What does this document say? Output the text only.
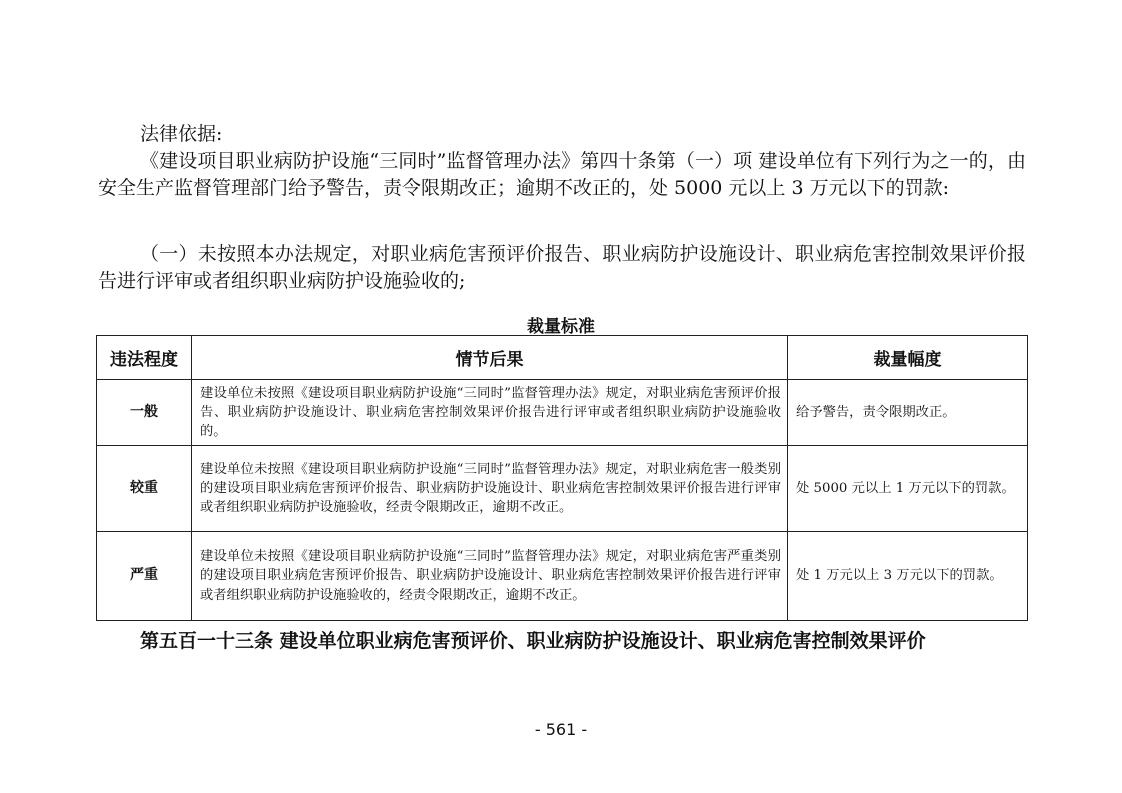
法律依据:

《建设项目职业病防护设施“三同时”监督管理办法》第四十条第（一）项 建设单位有下列行为之一的，由安全生产监督管理部门给予警告，责令限期改正；逾期不改正的，处 5000 元以上 3 万元以下的罚款:

（一）未按照本办法规定，对职业病危害预评价报告、职业病防护设施设计、职业病危害控制效果评价报告进行评审或者组织职业病防护设施验收的;

裁量标准
违法程度	情节后果	裁量幅度
一般	建设单位未按照《建设项目职业病防护设施“三同时”监督管理办法》规定，对职业病危害预评价报告、职业病防护设施设计、职业病危害控制效果评价报告进行评审或者组织职业病防护设施验收的。	给予警告，责令限期改正。
较重	建设单位未按照《建设项目职业病防护设施“三同时”监督管理办法》规定，对职业病危害一般类别的建设项目职业病危害预评价报告、职业病防护设施设计、职业病危害控制效果评价报告进行评审或者组织职业病防护设施验收，经责令限期改正，逾期不改正。	处 5000 元以上 1 万元以下的罚款。
严重	建设单位未按照《建设项目职业病防护设施“三同时”监督管理办法》规定，对职业病危害严重类别的建设项目职业病危害预评价报告、职业病防护设施设计、职业病危害控制效果评价报告进行评审或者组织职业病防护设施验收的，经责令限期改正，逾期不改正。	处 1 万元以上 3 万元以下的罚款。

第五百一十三条 建设单位职业病危害预评价、职业病防护设施设计、职业病危害控制效果评价

- 561 -
